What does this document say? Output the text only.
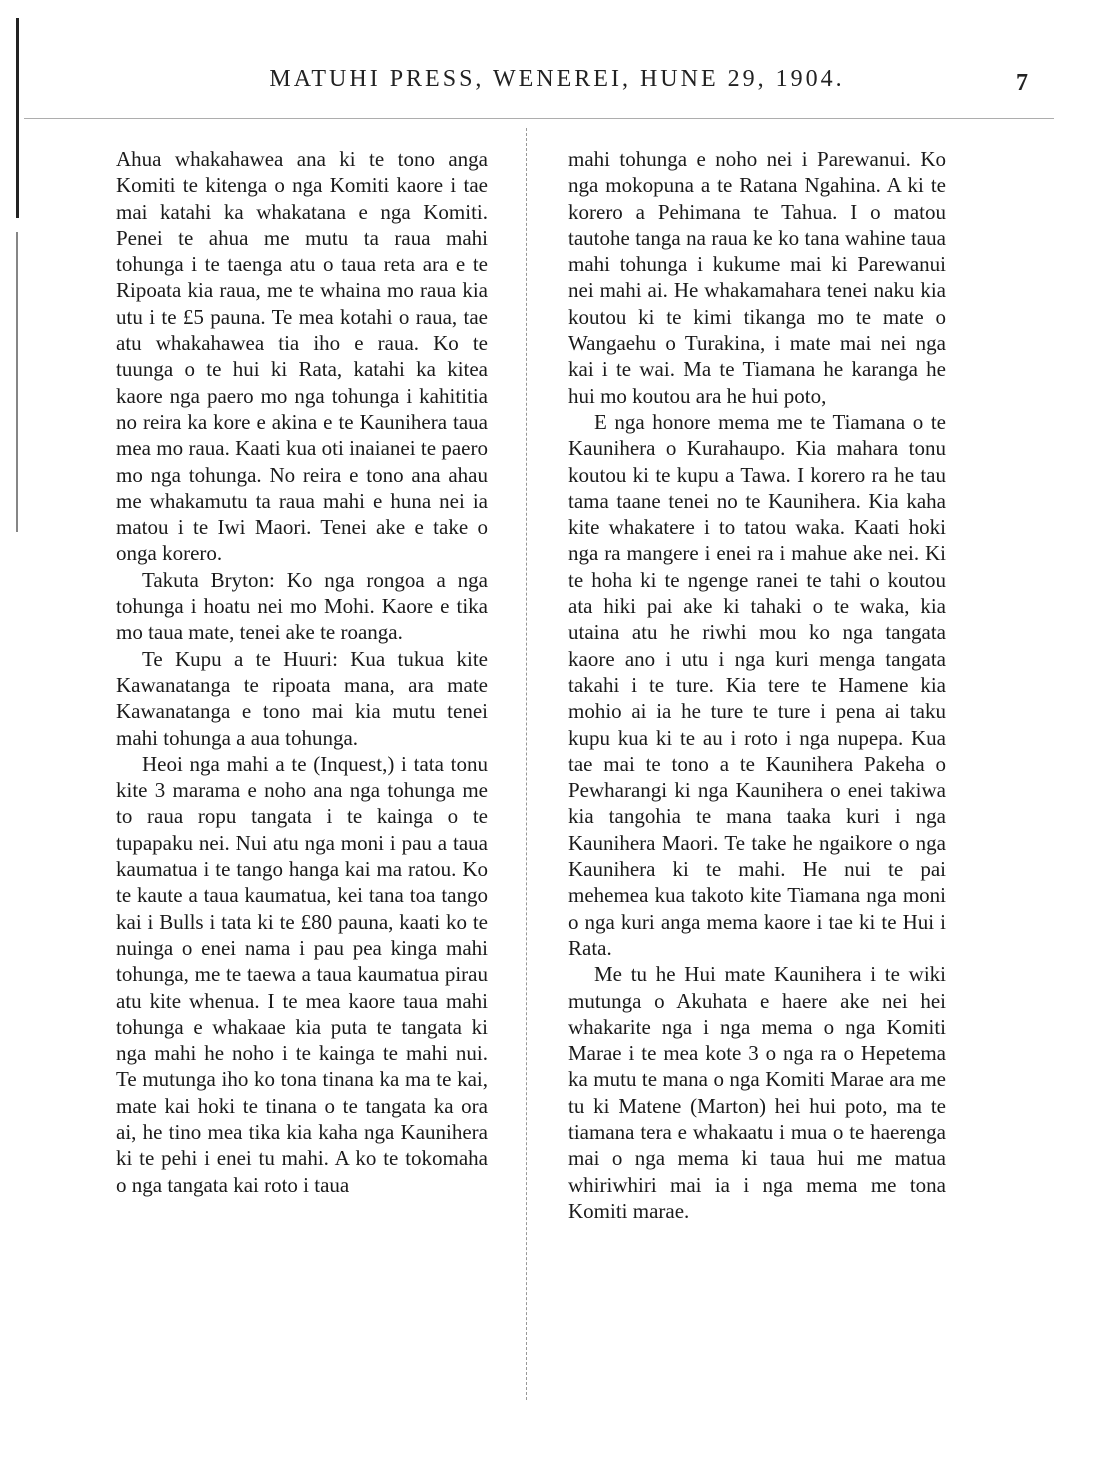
MATUHI PRESS, WENEREI, HUNE 29, 1904.	7

Ahua whakahawea ana ki te tono anga Komiti te kitenga o nga Komiti kaore i tae mai katahi ka whakatana e nga Komiti. Penei te ahua me mutu ta raua mahi tohunga i te taenga atu o taua reta ara e te Ripoata kia raua, me te whaina mo raua kia utu i te £5 pauna. Te mea kotahi o raua, tae atu whakahawea tia iho e raua. Ko te tuunga o te hui ki Rata, katahi ka kitea kaore nga paero mo nga tohunga i kahititia no reira ka kore e akina e te Kaunihera taua mea mo raua. Kaati kua oti inaianei te paero mo nga tohunga. No reira e tono ana ahau me whakamutu ta raua mahi e huna nei ia matou i te Iwi Maori. Tenei ake e take o onga korero.

Takuta Bryton: Ko nga rongoa a nga tohunga i hoatu nei mo Mohi. Kaore e tika mo taua mate, tenei ake te roanga.

Te Kupu a te Huuri: Kua tukua kite Kawanatanga te ripoata mana, ara mate Kawanatanga e tono mai kia mutu tenei mahi tohunga a aua tohunga.

Heoi nga mahi a te (Inquest,) i tata tonu kite 3 marama e noho ana nga tohunga me to raua ropu tangata i te kainga o te tupapaku nei. Nui atu nga moni i pau a taua kaumatua i te tango hanga kai ma ratou. Ko te kaute a taua kaumatua, kei tana toa tango kai i Bulls i tata ki te £80 pauna, kaati ko te nuinga o enei nama i pau pea kinga mahi tohunga, me te taewa a taua kaumatua pirau atu kite whenua. I te mea kaore taua mahi tohunga e whakaae kia puta te tangata ki nga mahi he noho i te kainga te mahi nui. Te mutunga iho ko tona tinana ka ma te kai, mate kai hoki te tinana o te tangata ka ora ai, he tino mea tika kia kaha nga Kaunihera ki te pehi i enei tu mahi. A ko te tokomaha o nga tangata kai roto i taua

mahi tohunga e noho nei i Parewanui. Ko nga mokopuna a te Ratana Ngahina. A ki te korero a Pehimana te Tahua. I o matou tautohe tanga na raua ke ko tana wahine taua mahi tohunga i kukume mai ki Parewanui nei mahi ai. He whakamahara tenei naku kia koutou ki te kimi tikanga mo te mate o Wangaehu o Turakina, i mate mai nei nga kai i te wai. Ma te Tiamana he karanga he hui mo koutou ara he hui poto,

E nga honore mema me te Tiamana o te Kaunihera o Kurahaupo. Kia mahara tonu koutou ki te kupu a Tawa. I korero ra he tau tama taane tenei no te Kaunihera. Kia kaha kite whakatere i to tatou waka. Kaati hoki nga ra mangere i enei ra i mahue ake nei. Ki te hoha ki te ngenge ranei te tahi o koutou ata hiki pai ake ki tahaki o te waka, kia utaina atu he riwhi mou ko nga tangata kaore ano i utu i nga kuri menga tangata takahi i te ture. Kia tere te Hamene kia mohio ai ia he ture te ture i pena ai taku kupu kua ki te au i roto i nga nupepa. Kua tae mai te tono a te Kaunihera Pakeha o Pewharangi ki nga Kaunihera o enei takiwa kia tangohia te mana taaka kuri i nga Kaunihera Maori. Te take he ngaikore o nga Kaunihera ki te mahi. He nui te pai mehemea kua takoto kite Tiamana nga moni o nga kuri anga mema kaore i tae ki te Hui i Rata.

Me tu he Hui mate Kaunihera i te wiki mutunga o Akuhata e haere ake nei hei whakarite nga i nga mema o nga Komiti Marae i te mea kote 3 o nga ra o Hepetema ka mutu te mana o nga Komiti Marae ara me tu ki Matene (Marton) hei hui poto, ma te tiamana tera e whakaatu i mua o te haerenga mai o nga mema ki taua hui me matua whiriwhiri mai ia i nga mema me tona Komiti marae.
